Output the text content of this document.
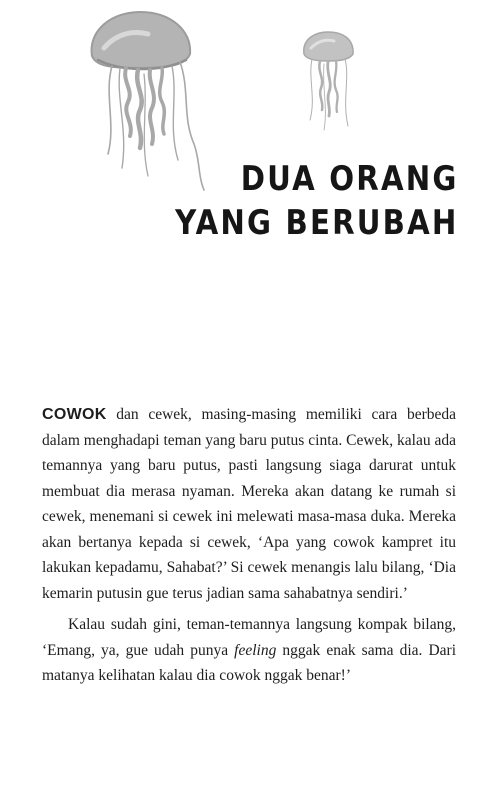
DUA ORANG
YANG BERUBAH

COWOK dan cewek, masing-masing memiliki cara berbeda dalam menghadapi teman yang baru putus cinta. Cewek, kalau ada temannya yang baru putus, pasti langsung siaga darurat untuk membuat dia merasa nyaman. Mereka akan datang ke rumah si cewek, menemani si cewek ini melewati masa-masa duka. Mereka akan bertanya kepada si cewek, ‘Apa yang cowok kampret itu lakukan kepadamu, Sahabat?’ Si cewek menangis lalu bilang, ‘Dia kemarin putusin gue terus jadian sama sahabatnya sendiri.’

Kalau sudah gini, teman-temannya langsung kompak bilang, ‘Emang, ya, gue udah punya feeling nggak enak sama dia. Dari matanya kelihatan kalau dia cowok nggak benar!’
